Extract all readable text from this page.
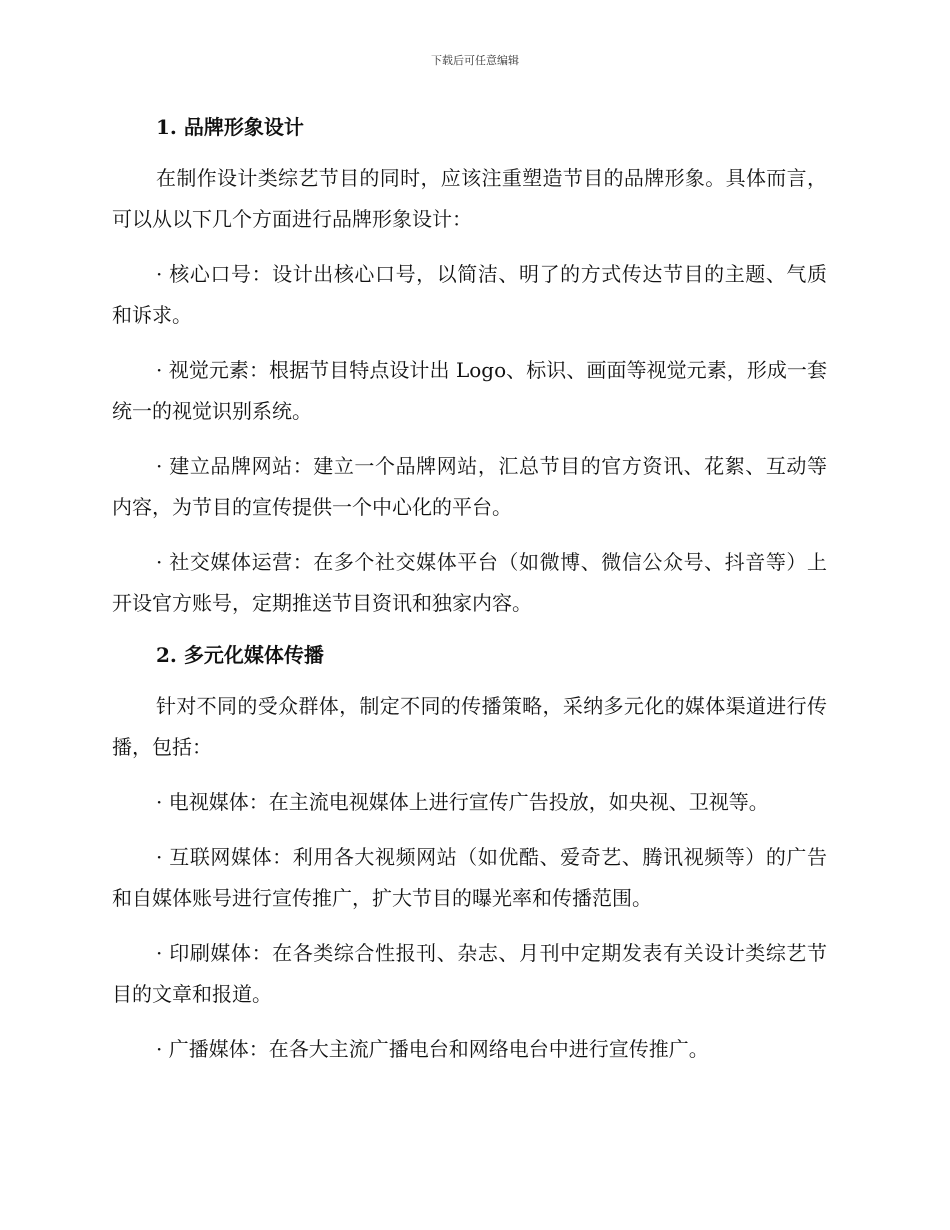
下载后可任意编辑
1. 品牌形象设计

在制作设计类综艺节目的同时，应该注重塑造节目的品牌形象。具体而言，可以从以下几个方面进行品牌形象设计：

· 核心口号：设计出核心口号，以简洁、明了的方式传达节目的主题、气质和诉求。

· 视觉元素：根据节目特点设计出 Logo、标识、画面等视觉元素，形成一套统一的视觉识别系统。

· 建立品牌网站：建立一个品牌网站，汇总节目的官方资讯、花絮、互动等内容，为节目的宣传提供一个中心化的平台。

· 社交媒体运营：在多个社交媒体平台（如微博、微信公众号、抖音等）上开设官方账号，定期推送节目资讯和独家内容。

2. 多元化媒体传播

针对不同的受众群体，制定不同的传播策略，采纳多元化的媒体渠道进行传播，包括：

· 电视媒体：在主流电视媒体上进行宣传广告投放，如央视、卫视等。

· 互联网媒体：利用各大视频网站（如优酷、爱奇艺、腾讯视频等）的广告和自媒体账号进行宣传推广，扩大节目的曝光率和传播范围。

· 印刷媒体：在各类综合性报刊、杂志、月刊中定期发表有关设计类综艺节目的文章和报道。

· 广播媒体：在各大主流广播电台和网络电台中进行宣传推广。
